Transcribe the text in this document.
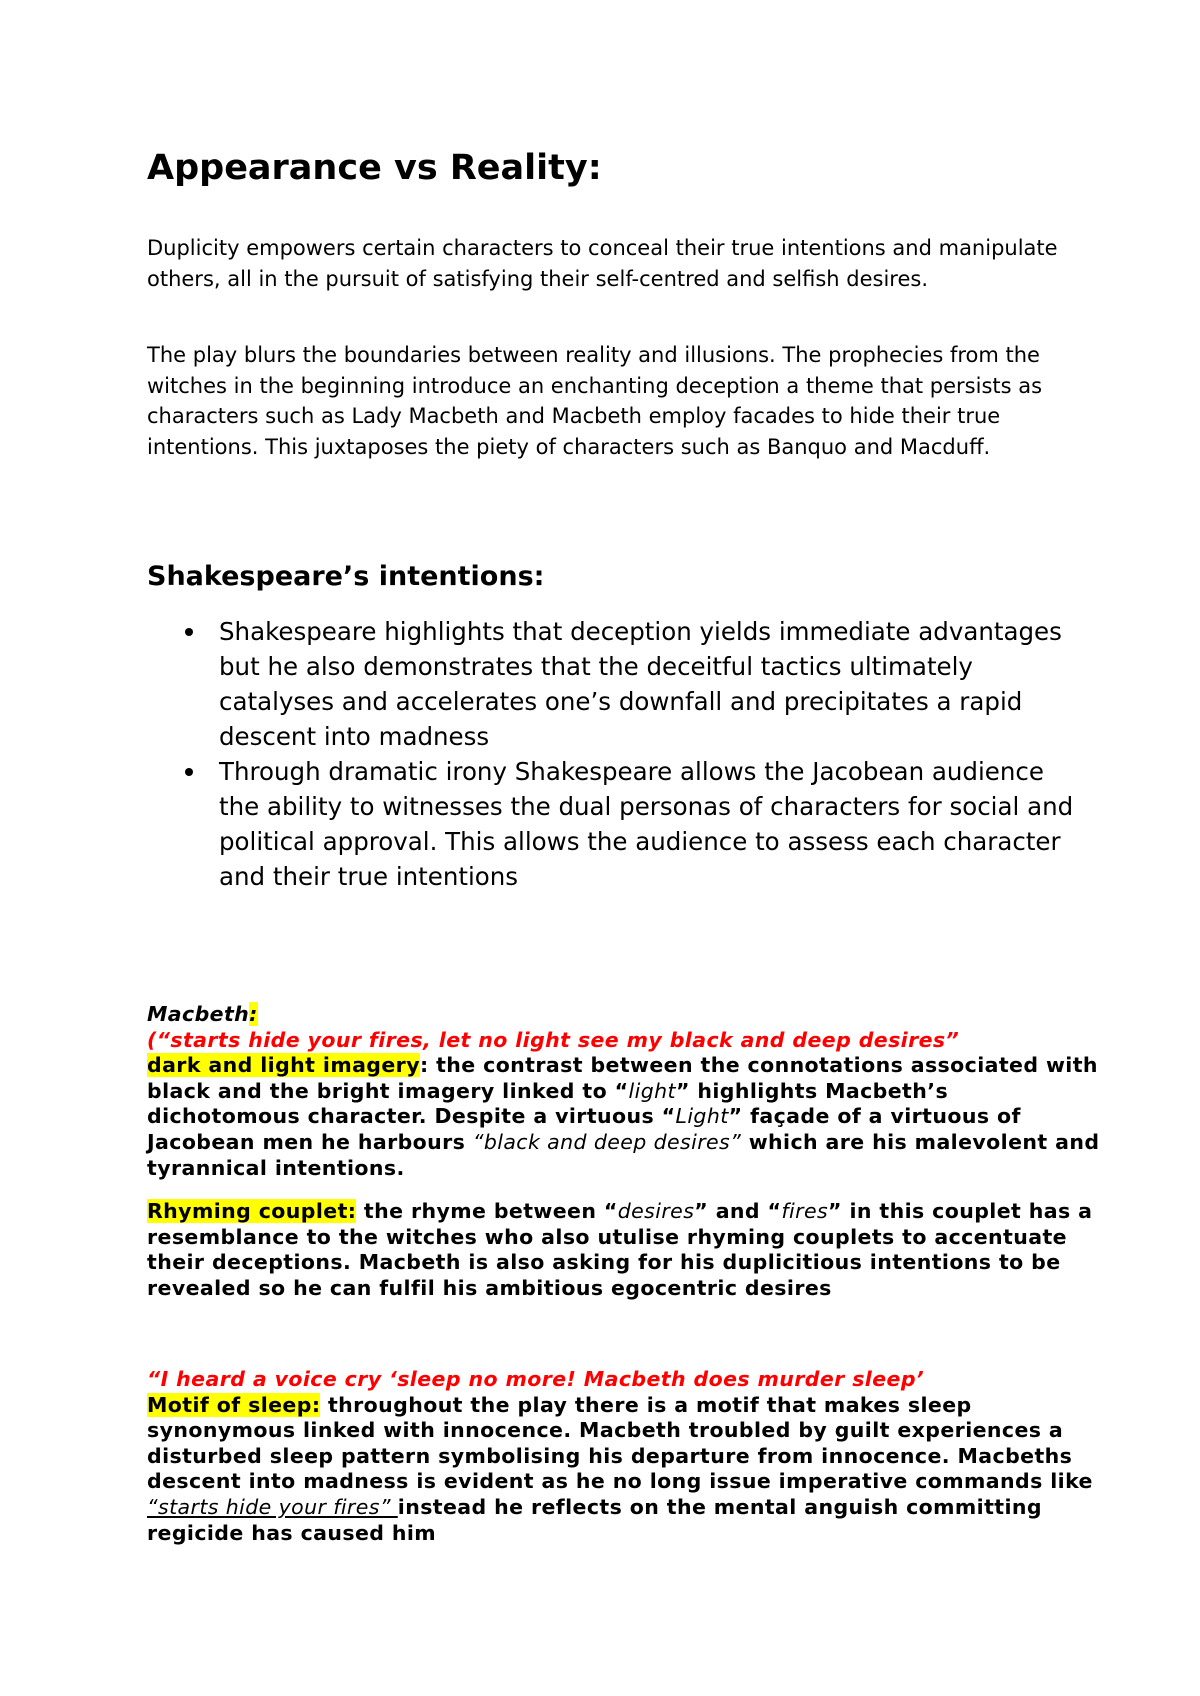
Appearance vs Reality:

Duplicity empowers certain characters to conceal their true intentions and manipulate others, all in the pursuit of satisfying their self-centred and selfish desires.

The play blurs the boundaries between reality and illusions. The prophecies from the witches in the beginning introduce an enchanting deception a theme that persists as characters such as Lady Macbeth and Macbeth employ facades to hide their true intentions. This juxtaposes the piety of characters such as Banquo and Macduff.

Shakespeare’s intentions:
Shakespeare highlights that deception yields immediate advantages but he also demonstrates that the deceitful tactics ultimately catalyses and accelerates one’s downfall and precipitates a rapid descent into madness
Through dramatic irony Shakespeare allows the Jacobean audience the ability to witnesses the dual personas of characters for social and political approval. This allows the audience to assess each character and their true intentions

Macbeth:
(“starts hide your fires, let no light see my black and deep desires”
dark and light imagery: the contrast between the connotations associated with black and the bright imagery linked to “light” highlights Macbeth’s dichotomous character. Despite a virtuous “Light” façade of a virtuous of Jacobean men he harbours “black and deep desires” which are his malevolent and tyrannical intentions.

Rhyming couplet: the rhyme between “desires” and “fires” in this couplet has a resemblance to the witches who also utulise rhyming couplets to accentuate their deceptions. Macbeth is also asking for his duplicitious intentions to be revealed so he can fulfil his ambitious egocentric desires

“I heard a voice cry ‘sleep no more! Macbeth does murder sleep’
Motif of sleep: throughout the play there is a motif that makes sleep synonymous linked with innocence. Macbeth troubled by guilt experiences a disturbed sleep pattern symbolising his departure from innocence. Macbeths descent into madness is evident as he no long issue imperative commands like “starts hide your fires” instead he reflects on the mental anguish committing regicide has caused him
